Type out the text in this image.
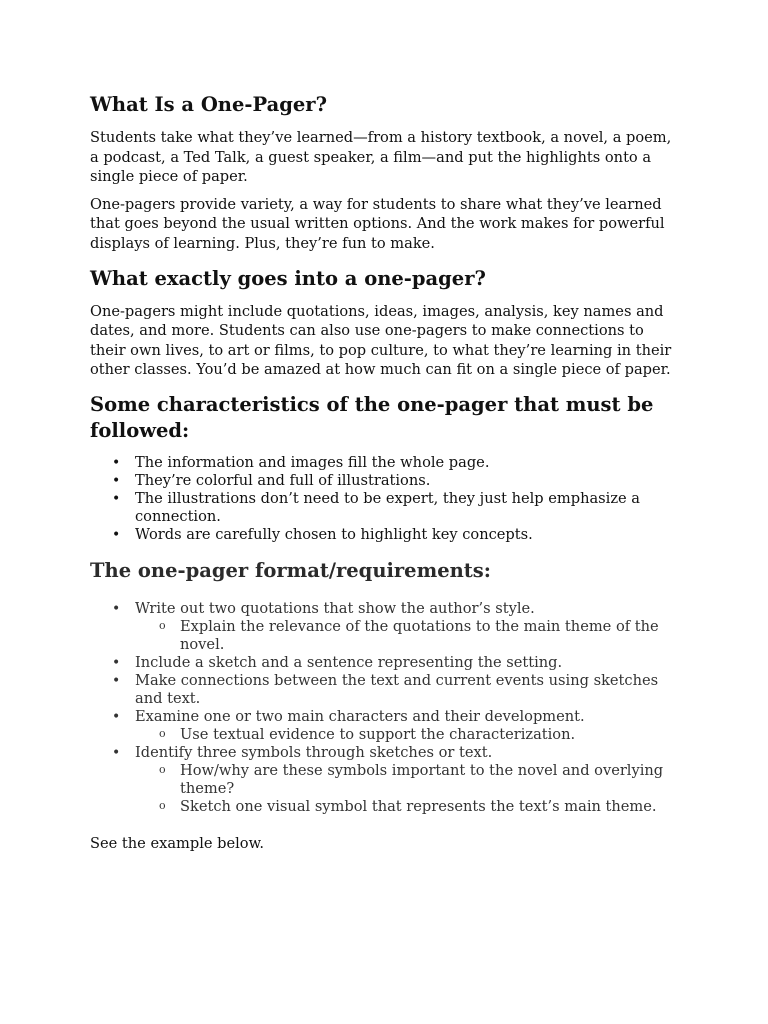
What Is a One-Pager?

Students take what they’ve learned—from a history textbook, a novel, a poem, a podcast, a Ted Talk, a guest speaker, a film—and put the highlights onto a single piece of paper.

One-pagers provide variety, a way for students to share what they’ve learned that goes beyond the usual written options. And the work makes for powerful displays of learning. Plus, they’re fun to make.

What exactly goes into a one-pager?

One-pagers might include quotations, ideas, images, analysis, key names and dates, and more. Students can also use one-pagers to make connections to their own lives, to art or films, to pop culture, to what they’re learning in their other classes. You’d be amazed at how much can fit on a single piece of paper.

Some characteristics of the one-pager that must be followed:
• The information and images fill the whole page.
• They’re colorful and full of illustrations.
• The illustrations don’t need to be expert, they just help emphasize a connection.
• Words are carefully chosen to highlight key concepts.
The one-pager format/requirements:
• Write out two quotations that show the author’s style.
o Explain the relevance of the quotations to the main theme of the novel.
• Include a sketch and a sentence representing the setting.
• Make connections between the text and current events using sketches and text.
• Examine one or two main characters and their development.
o Use textual evidence to support the characterization.
• Identify three symbols through sketches or text.
o How/why are these symbols important to the novel and overlying theme?
o Sketch one visual symbol that represents the text’s main theme.

See the example below.
